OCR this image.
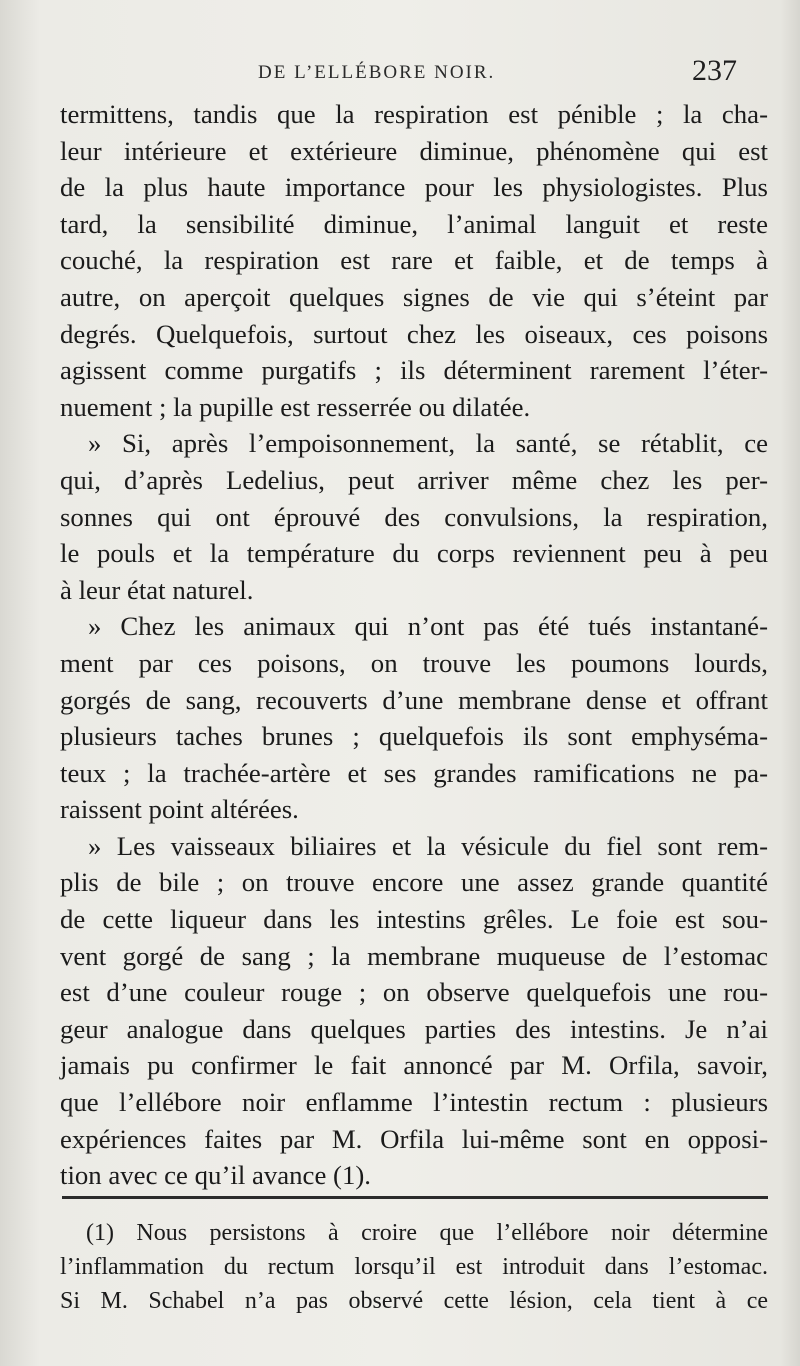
DE L’ELLÉBORE NOIR.	237
termittens, tandis que la respiration est pénible ; la cha-
leur intérieure et extérieure diminue, phénomène qui est
de la plus haute importance pour les physiologistes. Plus
tard, la sensibilité diminue, l’animal languit et reste
couché, la respiration est rare et faible, et de temps à
autre, on aperçoit quelques signes de vie qui s’éteint par
degrés. Quelquefois, surtout chez les oiseaux, ces poisons
agissent comme purgatifs ; ils déterminent rarement l’éter-
nuement ; la pupille est resserrée ou dilatée.
» Si, après l’empoisonnement, la santé, se rétablit, ce
qui, d’après Ledelius, peut arriver même chez les per-
sonnes qui ont éprouvé des convulsions, la respiration,
le pouls et la température du corps reviennent peu à peu
à leur état naturel.
» Chez les animaux qui n’ont pas été tués instantané-
ment par ces poisons, on trouve les poumons lourds,
gorgés de sang, recouverts d’une membrane dense et offrant
plusieurs taches brunes ; quelquefois ils sont emphyséma-
teux ; la trachée-artère et ses grandes ramifications ne pa-
raissent point altérées.
» Les vaisseaux biliaires et la vésicule du fiel sont rem-
plis de bile ; on trouve encore une assez grande quantité
de cette liqueur dans les intestins grêles. Le foie est sou-
vent gorgé de sang ; la membrane muqueuse de l’estomac
est d’une couleur rouge ; on observe quelquefois une rou-
geur analogue dans quelques parties des intestins. Je n’ai
jamais pu confirmer le fait annoncé par M. Orfila, savoir,
que l’ellébore noir enflamme l’intestin rectum : plusieurs
expériences faites par M. Orfila lui-même sont en opposi-
tion avec ce qu’il avance (1).
(1) Nous persistons à croire que l’ellébore noir détermine
l’inflammation du rectum lorsqu’il est introduit dans l’estomac.
Si M. Schabel n’a pas observé cette lésion, cela tient à ce
